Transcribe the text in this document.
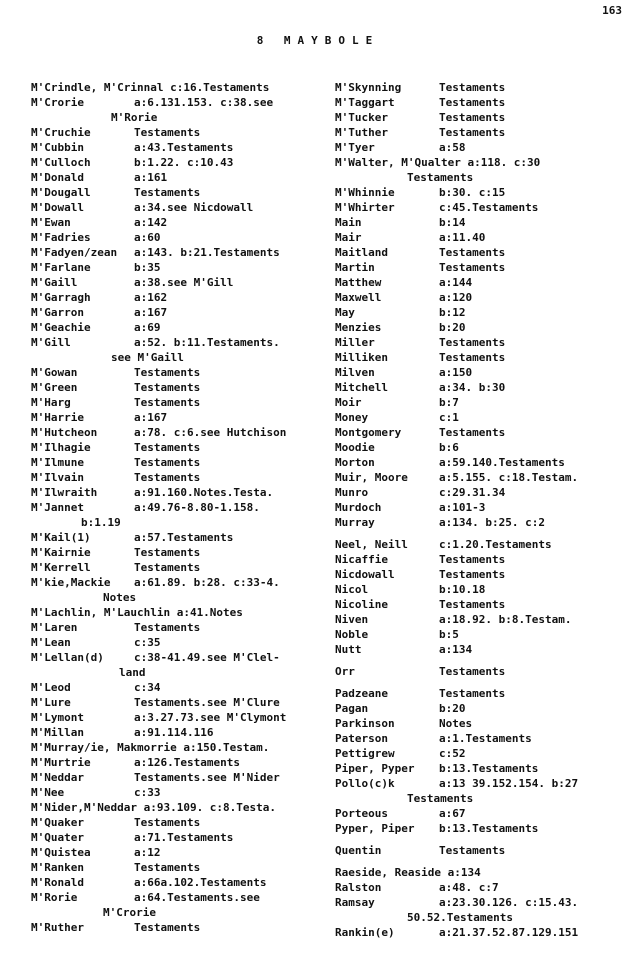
163
8 MAYBOLE
M'Crindle, M'Crinnal c:16.Testaments
M'Crorie	a:6.131.153. c:38.see
M'Rorie
M'Cruchie	Testaments
M'Cubbin	a:43.Testaments
M'Culloch	b:1.22. c:10.43
M'Donald	a:161
M'Dougall	Testaments
M'Dowall	a:34.see Nicdowall
M'Ewan	a:142
M'Fadries	a:60
M'Fadyen/zean a:143. b:21.Testaments
M'Farlane	b:35
M'Gaill	a:38.see M'Gill
M'Garragh	a:162
M'Garron	a:167
M'Geachie	a:69
M'Gill	a:52. b:11.Testaments.
see M'Gaill
M'Gowan	Testaments
M'Green	Testaments
M'Harg	Testaments
M'Harrie	a:167
M'Hutcheon	a:78. c:6.see Hutchison
M'Ilhagie	Testaments
M'Ilmune	Testaments
M'Ilvain	Testaments
M'Ilwraith	a:91.160.Notes.Testa.
M'Jannet	a:49.76-8.80-1.158.
b:1.19
M'Kail(1)	a:57.Testaments
M'Kairnie	Testaments
M'Kerrell	Testaments
M'kie,Mackie a:61.89. b:28. c:33-4.
Notes
M'Lachlin, M'Lauchlin a:41.Notes
M'Laren	Testaments
M'Lean	c:35
M'Lellan(d)	c:38-41.49.see M'Clel-
land
M'Leod	c:34
M'Lure	Testaments.see M'Clure
M'Lymont	a:3.27.73.see M'Clymont
M'Millan	a:91.114.116
M'Murray/ie, Makmorrie a:150.Testam.
M'Murtrie	a:126.Testaments
M'Neddar	Testaments.see M'Nider
M'Nee	c:33
M'Nider,M'Neddar a:93.109. c:8.Testa.
M'Quaker	Testaments
M'Quater	a:71.Testaments
M'Quistea	a:12
M'Ranken	Testaments
M'Ronald	a:66a.102.Testaments
M'Rorie	a:64.Testaments.see
M'Crorie
M'Ruther	Testaments
M'Skynning	Testaments
M'Taggart	Testaments
M'Tucker	Testaments
M'Tuther	Testaments
M'Tyer	a:58
M'Walter, M'Qualter a:118. c:30
Testaments
M'Whinnie	b:30. c:15
M'Whirter	c:45.Testaments
Main	b:14
Mair	a:11.40
Maitland	Testaments
Martin	Testaments
Matthew	a:144
Maxwell	a:120
May	b:12
Menzies	b:20
Miller	Testaments
Milliken	Testaments
Milven	a:150
Mitchell	a:34. b:30
Moir	b:7
Money	c:1
Montgomery	Testaments
Moodie	b:6
Morton	a:59.140.Testaments
Muir, Moore	a:5.155. c:18.Testam.
Munro	c:29.31.34
Murdoch	a:101-3
Murray	a:134. b:25. c:2
Neel, Neill	c:1.20.Testaments
Nicaffie	Testaments
Nicdowall	Testaments
Nicol	b:10.18
Nicoline	Testaments
Niven	a:18.92. b:8.Testam.
Noble	b:5
Nutt	a:134
Orr	Testaments
Padzeane	Testaments
Pagan	b:20
Parkinson	Notes
Paterson	a:1.Testaments
Pettigrew	c:52
Piper, Pyper b:13.Testaments
Pollo(c)k	a:13 39.152.154. b:27
Testaments
Porteous	a:67
Pyper, Piper b:13.Testaments
Quentin	Testaments
Raeside, Reaside a:134
Ralston	a:48. c:7
Ramsay	a:23.30.126. c:15.43.
50.52.Testaments
Rankin(e)	a:21.37.52.87.129.151
